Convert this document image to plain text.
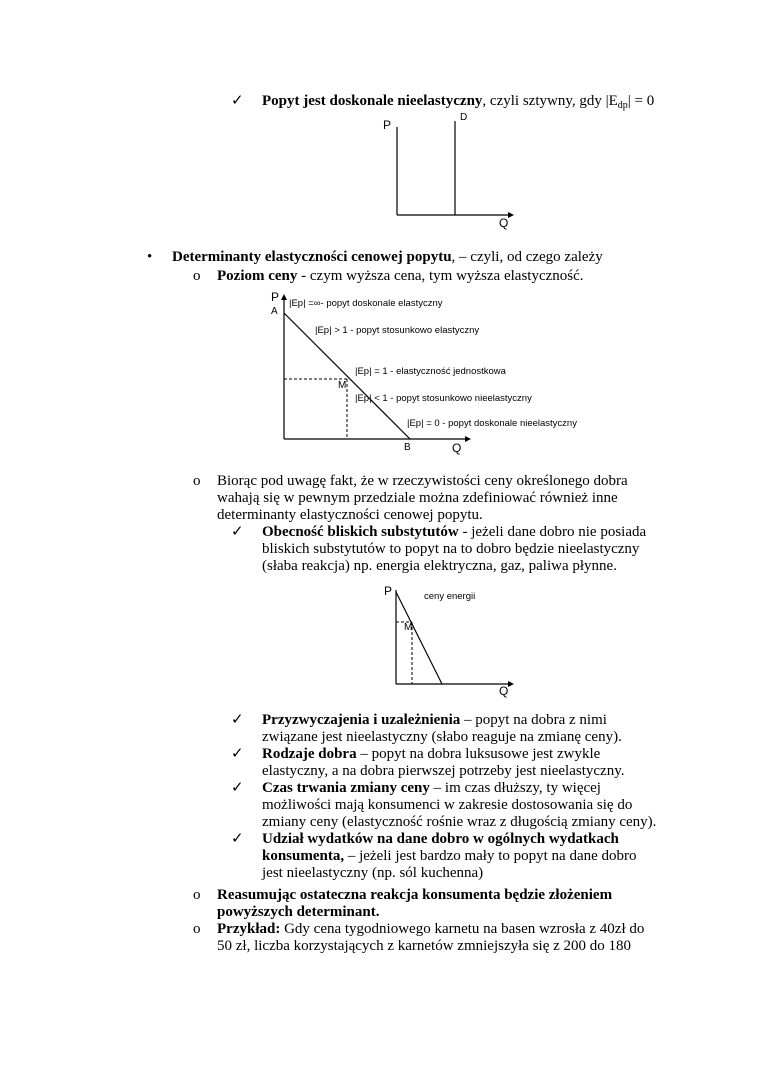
✓ Popyt jest doskonale nieelastyczny, czyli sztywny, gdy $|E_{dp}| = 0$
P
D
Q
• Determinanty elastyczności cenowej popytu, – czyli, od czego zależy
o Poziom ceny - czym wyższa cena, tym wyższa elastyczność.
P
A
M
B	Q
|Ep| =∞- popyt doskonale elastyczny
|Ep| > 1 - popyt stosunkowo elastyczny
|Ep| = 1 - elastyczność jednostkowa
|Ep| < 1 - popyt stosunkowo nieelastyczny
|Ep| = 0 - popyt doskonale nieelastyczny
o Biorąc pod uwagę fakt, że w rzeczywistości ceny określonego dobra
wahają się w pewnym przedziale można zdefiniować również inne
determinanty elastyczności cenowej popytu.
✓ Obecność bliskich substytutów - jeżeli dane dobro nie posiada
bliskich substytutów to popyt na to dobro będzie nieelastyczny
(słaba reakcja) np. energia elektryczna, gaz, paliwa płynne.
P
M
Q
ceny energii
✓ Przyzwyczajenia i uzależnienia – popyt na dobra z nimi
związane jest nieelastyczny (słabo reaguje na zmianę ceny).
✓ Rodzaje dobra – popyt na dobra luksusowe jest zwykle
elastyczny, a na dobra pierwszej potrzeby jest nieelastyczny.
✓ Czas trwania zmiany ceny – im czas dłuższy, ty więcej
możliwości mają konsumenci w zakresie dostosowania się do
zmiany ceny (elastyczność rośnie wraz z długością zmiany ceny).
✓ Udział wydatków na dane dobro w ogólnych wydatkach
konsumenta, – jeżeli jest bardzo mały to popyt na dane dobro
jest nieelastyczny (np. sól kuchenna)
o Reasumując ostateczna reakcja konsumenta będzie złożeniem
powyższych determinant.
o Przykład: Gdy cena tygodniowego karnetu na basen wzrosła z 40zł do
50 zł, liczba korzystających z karnetów zmniejszyła się z 200 do 180
